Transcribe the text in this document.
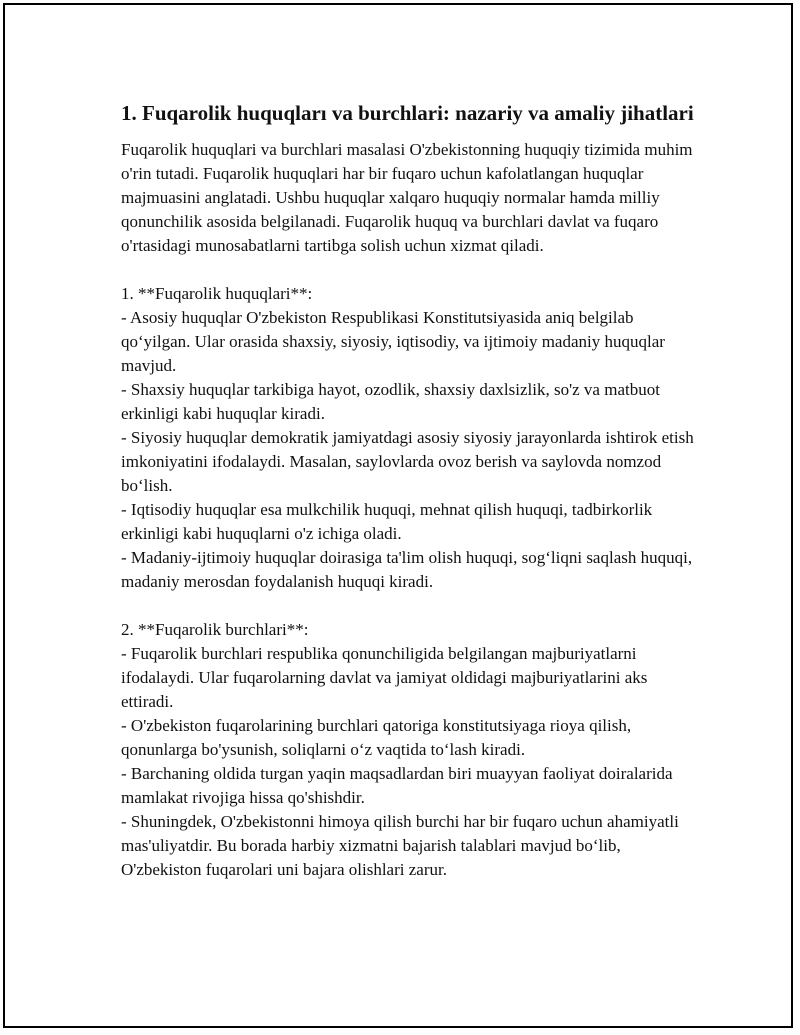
1. Fuqarolik huquqları va burchlari: nazariy va amaliy jihatlari

Fuqarolik huquqlari va burchlari masalasi O'zbekistonning huquqiy tizimida muhim o'rin tutadi. Fuqarolik huquqlari har bir fuqaro uchun kafolatlangan huquqlar majmuasini anglatadi. Ushbu huquqlar xalqaro huquqiy normalar hamda milliy qonunchilik asosida belgilanadi. Fuqarolik huquq va burchlari davlat va fuqaro o'rtasidagi munosabatlarni tartibga solish uchun xizmat qiladi.

1. **Fuqarolik huquqlari**:

- Asosiy huquqlar O'zbekiston Respublikasi Konstitutsiyasida aniq belgilab qo‘yilgan. Ular orasida shaxsiy, siyosiy, iqtisodiy, va ijtimoiy madaniy huquqlar mavjud.

- Shaxsiy huquqlar tarkibiga hayot, ozodlik, shaxsiy daxlsizlik, so'z va matbuot erkinligi kabi huquqlar kiradi.

- Siyosiy huquqlar demokratik jamiyatdagi asosiy siyosiy jarayonlarda ishtirok etish imkoniyatini ifodalaydi. Masalan, saylovlarda ovoz berish va saylovda nomzod bo‘lish.

- Iqtisodiy huquqlar esa mulkchilik huquqi, mehnat qilish huquqi, tadbirkorlik erkinligi kabi huquqlarni o'z ichiga oladi.

- Madaniy-ijtimoiy huquqlar doirasiga ta'lim olish huquqi, sog‘liqni saqlash huquqi, madaniy merosdan foydalanish huquqi kiradi.

2. **Fuqarolik burchlari**:

- Fuqarolik burchlari respublika qonunchiligida belgilangan majburiyatlarni ifodalaydi. Ular fuqarolarning davlat va jamiyat oldidagi majburiyatlarini aks ettiradi.

- O'zbekiston fuqarolarining burchlari qatoriga konstitutsiyaga rioya qilish, qonunlarga bo'ysunish, soliqlarni o‘z vaqtida to‘lash kiradi.

- Barchaning oldida turgan yaqin maqsadlardan biri muayyan faoliyat doiralarida mamlakat rivojiga hissa qo'shishdir.

- Shuningdek, O'zbekistonni himoya qilish burchi har bir fuqaro uchun ahamiyatli mas'uliyatdir. Bu borada harbiy xizmatni bajarish talablari mavjud bo‘lib, O'zbekiston fuqarolari uni bajara olishlari zarur.
